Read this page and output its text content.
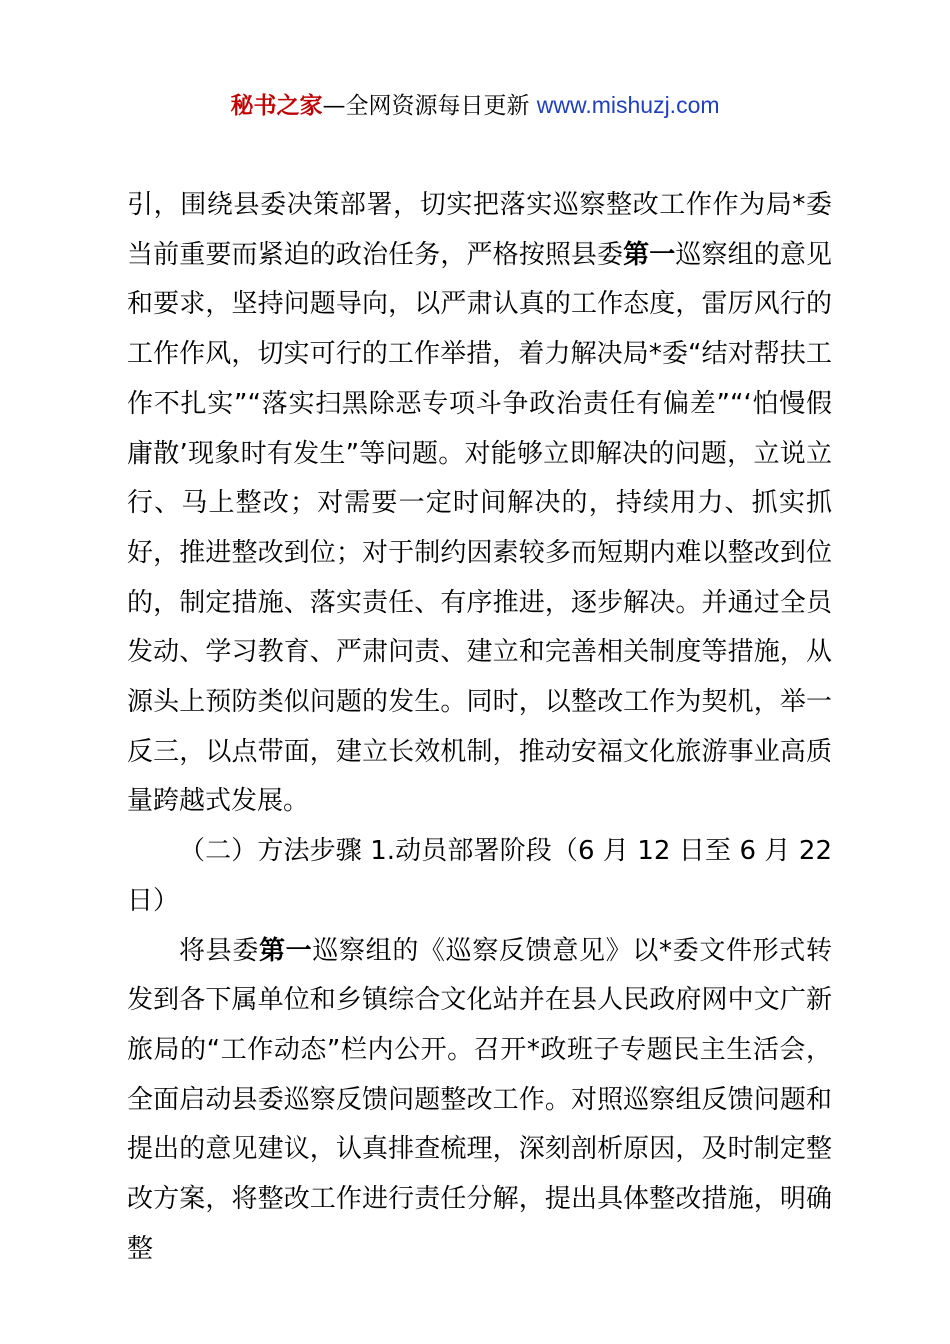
秘书之家—全网资源每日更新 www.mishuzj.com

引，围绕县委决策部署，切实把落实巡察整改工作作为局*委当前重要而紧迫的政治任务，严格按照县委第一巡察组的意见和要求，坚持问题导向，以严肃认真的工作态度，雷厉风行的工作作风，切实可行的工作举措，着力解决局*委“结对帮扶工作不扎实”“落实扫黑除恶专项斗争政治责任有偏差”“‘怕慢假庸散’现象时有发生”等问题。对能够立即解决的问题，立说立行、马上整改；对需要一定时间解决的，持续用力、抓实抓好，推进整改到位；对于制约因素较多而短期内难以整改到位的，制定措施、落实责任、有序推进，逐步解决。并通过全员发动、学习教育、严肃问责、建立和完善相关制度等措施，从源头上预防类似问题的发生。同时，以整改工作为契机，举一反三，以点带面，建立长效机制，推动安福文化旅游事业高质量跨越式发展。

（二）方法步骤 1.动员部署阶段（6 月 12 日至 6 月 22 日）

将县委第一巡察组的《巡察反馈意见》以*委文件形式转发到各下属单位和乡镇综合文化站并在县人民政府网中文广新旅局的“工作动态”栏内公开。召开*政班子专题民主生活会，全面启动县委巡察反馈问题整改工作。对照巡察组反馈问题和提出的意见建议，认真排查梳理，深刻剖析原因，及时制定整改方案，将整改工作进行责任分解，提出具体整改措施，明确整
